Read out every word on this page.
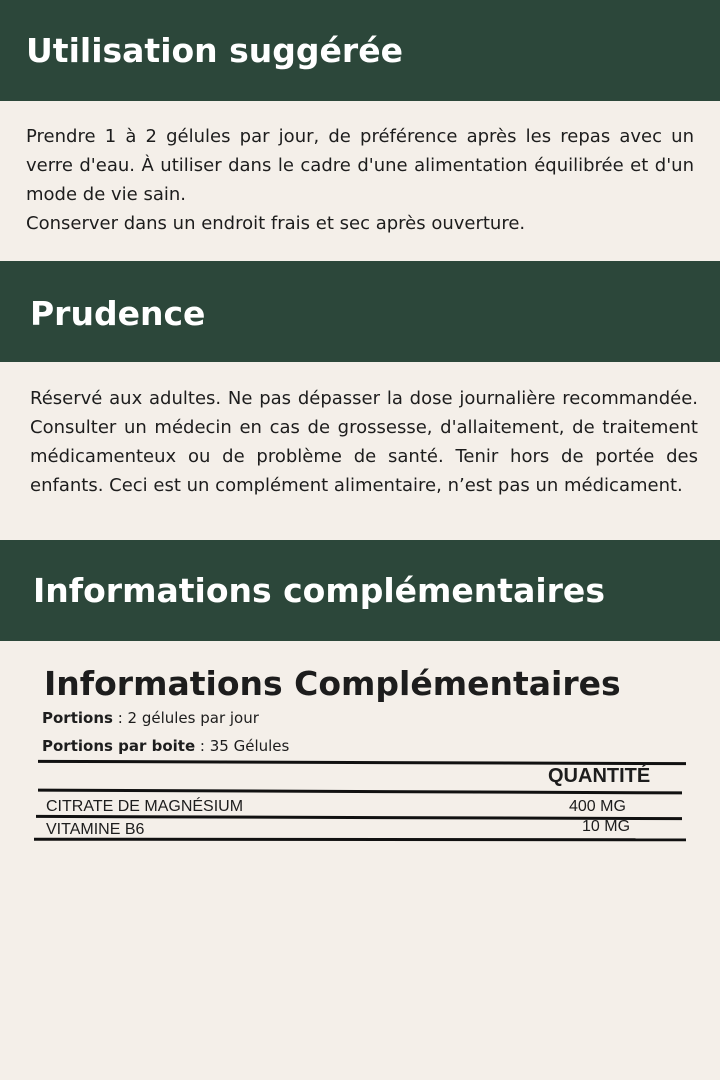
Utilisation suggérée

Prendre 1 à 2 gélules par jour, de préférence après les repas avec un verre d'eau. À utiliser dans le cadre d'une alimentation équilibrée et d'un mode de vie sain.

Conserver dans un endroit frais et sec après ouverture.

Prudence

Réservé aux adultes. Ne pas dépasser la dose journalière recommandée. Consulter un médecin en cas de grossesse, d'allaitement, de traitement médicamenteux ou de problème de santé. Tenir hors de portée des enfants. Ceci est un complément alimentaire, n’est pas un médicament.

Informations complémentaires
Informations Complémentaires
Portions : 2 gélules par jour
Portions par boite : 35 Gélules
QUANTITÉ
CITRATE DE MAGNÉSIUM	400 MG
VITAMINE B6	10 MG
